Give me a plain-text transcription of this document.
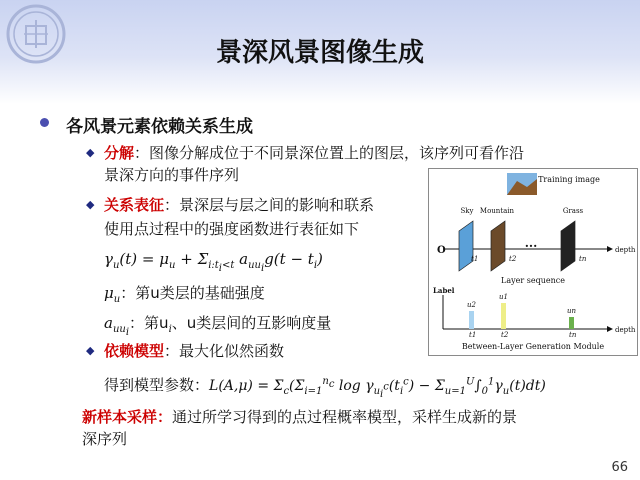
景深风景图像生成
各风景元素依赖关系生成
◆ 分解：图像分解成位于不同景深位置上的图层，该序列可看作沿
景深方向的事件序列
◆ 关系表征：景深层与层之间的影响和联系
使用点过程中的强度函数进行表征如下
$\gamma_u(t) = \mu_u + \Sigma_{i:t_i<t}$ $a_{uu_i}g(t - t_i)$
$\mu_u$：第u类层的基础强度
$a_{uu_i}$：第$u_i$、u类层间的互影响度量
◆ 依赖模型：最大化似然函数
得到模型参数：$L(A,\mu) = \Sigma_c(\Sigma_{i=1}^{n_c}$ $\log \gamma_{u_i^c}(t_i^c) - \Sigma_{u=1}^U\int_0^1\gamma_u(t)dt$)
新样本采样：通过所学习得到的点过程概率模型，采样生成新的景
深序列
Training image
Sky Mountain	Grass
O	depth
...
t1	t2	tn
Layer sequence
Label
depth
u2
u1
un
t1	t2	tn
Between-Layer Generation Module
66
